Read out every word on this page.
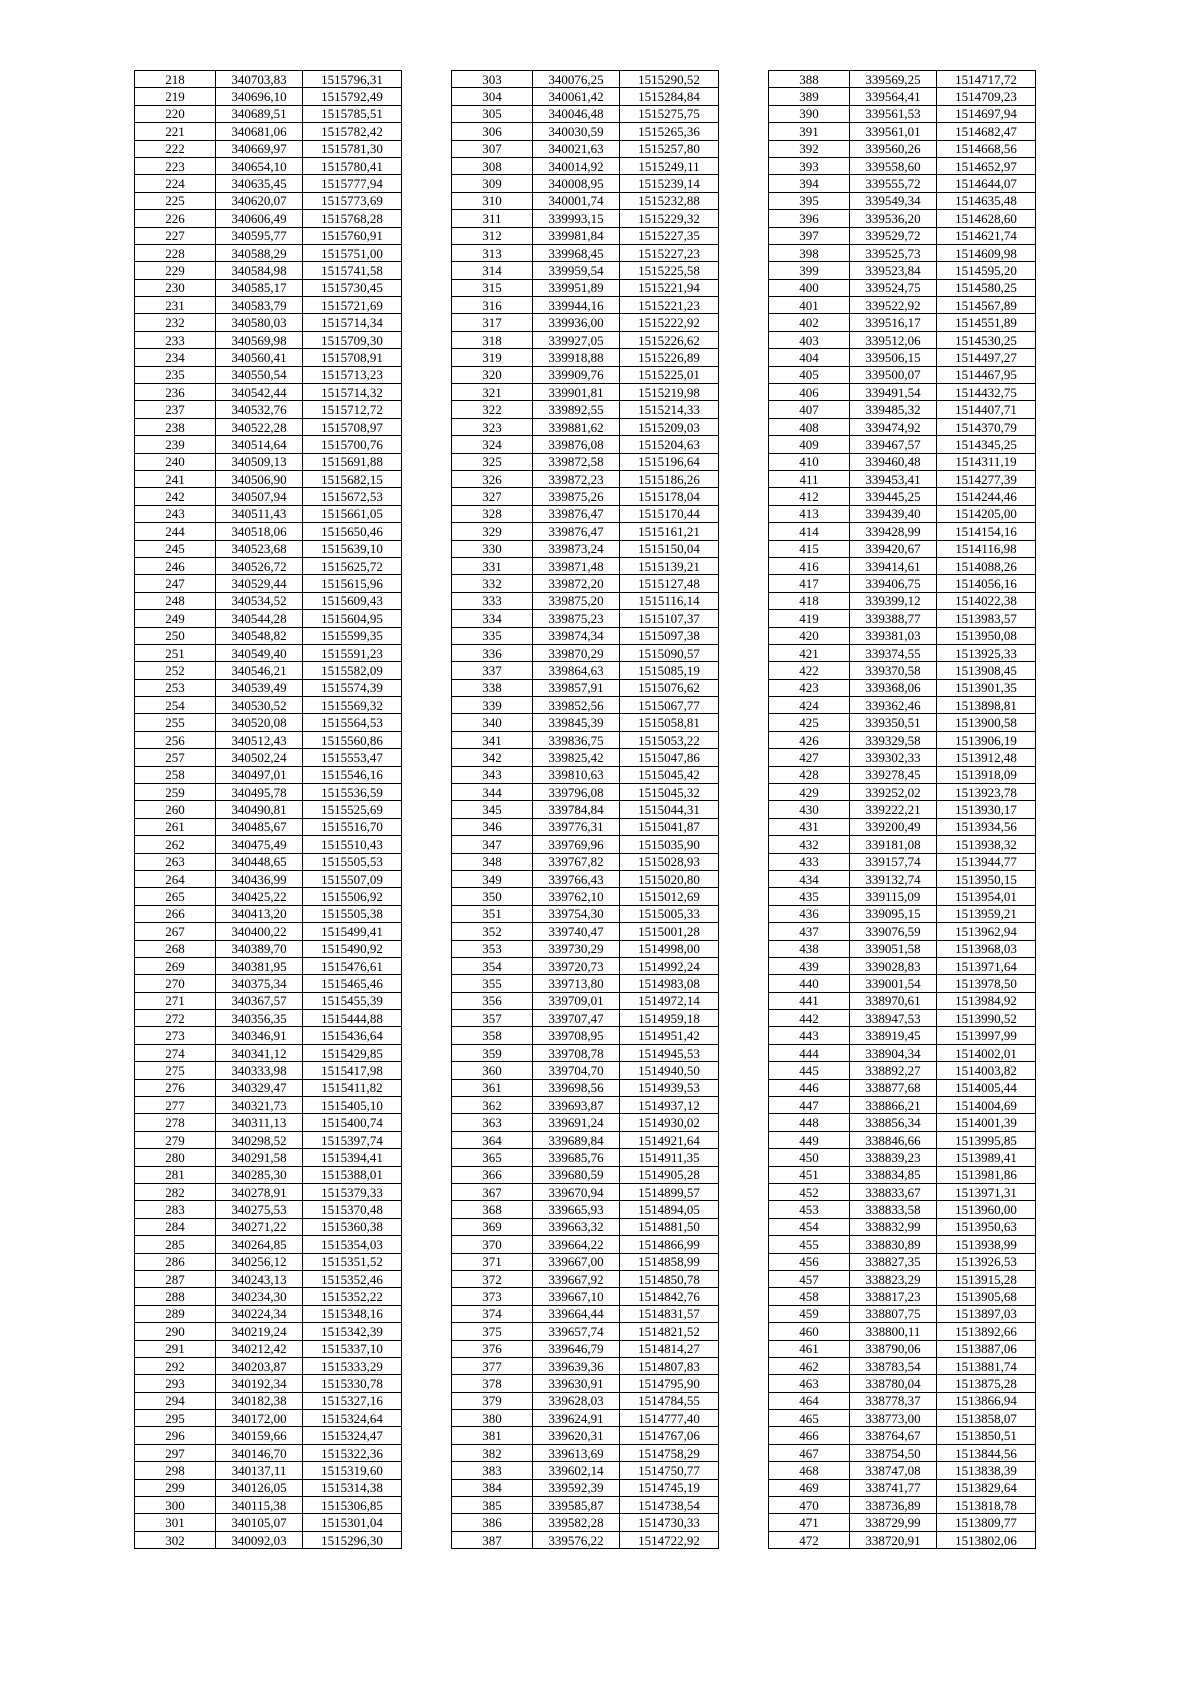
218	340703,83	1515796,31
219	340696,10	1515792,49
220	340689,51	1515785,51
221	340681,06	1515782,42
222	340669,97	1515781,30
223	340654,10	1515780,41
224	340635,45	1515777,94
225	340620,07	1515773,69
226	340606,49	1515768,28
227	340595,77	1515760,91
228	340588,29	1515751,00
229	340584,98	1515741,58
230	340585,17	1515730,45
231	340583,79	1515721,69
232	340580,03	1515714,34
233	340569,98	1515709,30
234	340560,41	1515708,91
235	340550,54	1515713,23
236	340542,44	1515714,32
237	340532,76	1515712,72
238	340522,28	1515708,97
239	340514,64	1515700,76
240	340509,13	1515691,88
241	340506,90	1515682,15
242	340507,94	1515672,53
243	340511,43	1515661,05
244	340518,06	1515650,46
245	340523,68	1515639,10
246	340526,72	1515625,72
247	340529,44	1515615,96
248	340534,52	1515609,43
249	340544,28	1515604,95
250	340548,82	1515599,35
251	340549,40	1515591,23
252	340546,21	1515582,09
253	340539,49	1515574,39
254	340530,52	1515569,32
255	340520,08	1515564,53
256	340512,43	1515560,86
257	340502,24	1515553,47
258	340497,01	1515546,16
259	340495,78	1515536,59
260	340490,81	1515525,69
261	340485,67	1515516,70
262	340475,49	1515510,43
263	340448,65	1515505,53
264	340436,99	1515507,09
265	340425,22	1515506,92
266	340413,20	1515505,38
267	340400,22	1515499,41
268	340389,70	1515490,92
269	340381,95	1515476,61
270	340375,34	1515465,46
271	340367,57	1515455,39
272	340356,35	1515444,88
273	340346,91	1515436,64
274	340341,12	1515429,85
275	340333,98	1515417,98
276	340329,47	1515411,82
277	340321,73	1515405,10
278	340311,13	1515400,74
279	340298,52	1515397,74
280	340291,58	1515394,41
281	340285,30	1515388,01
282	340278,91	1515379,33
283	340275,53	1515370,48
284	340271,22	1515360,38
285	340264,85	1515354,03
286	340256,12	1515351,52
287	340243,13	1515352,46
288	340234,30	1515352,22
289	340224,34	1515348,16
290	340219,24	1515342,39
291	340212,42	1515337,10
292	340203,87	1515333,29
293	340192,34	1515330,78
294	340182,38	1515327,16
295	340172,00	1515324,64
296	340159,66	1515324,47
297	340146,70	1515322,36
298	340137,11	1515319,60
299	340126,05	1515314,38
300	340115,38	1515306,85
301	340105,07	1515301,04
302	340092,03	1515296,30
303	340076,25	1515290,52
304	340061,42	1515284,84
305	340046,48	1515275,75
306	340030,59	1515265,36
307	340021,63	1515257,80
308	340014,92	1515249,11
309	340008,95	1515239,14
310	340001,74	1515232,88
311	339993,15	1515229,32
312	339981,84	1515227,35
313	339968,45	1515227,23
314	339959,54	1515225,58
315	339951,89	1515221,94
316	339944,16	1515221,23
317	339936,00	1515222,92
318	339927,05	1515226,62
319	339918,88	1515226,89
320	339909,76	1515225,01
321	339901,81	1515219,98
322	339892,55	1515214,33
323	339881,62	1515209,03
324	339876,08	1515204,63
325	339872,58	1515196,64
326	339872,23	1515186,26
327	339875,26	1515178,04
328	339876,47	1515170,44
329	339876,47	1515161,21
330	339873,24	1515150,04
331	339871,48	1515139,21
332	339872,20	1515127,48
333	339875,20	1515116,14
334	339875,23	1515107,37
335	339874,34	1515097,38
336	339870,29	1515090,57
337	339864,63	1515085,19
338	339857,91	1515076,62
339	339852,56	1515067,77
340	339845,39	1515058,81
341	339836,75	1515053,22
342	339825,42	1515047,86
343	339810,63	1515045,42
344	339796,08	1515045,32
345	339784,84	1515044,31
346	339776,31	1515041,87
347	339769,96	1515035,90
348	339767,82	1515028,93
349	339766,43	1515020,80
350	339762,10	1515012,69
351	339754,30	1515005,33
352	339740,47	1515001,28
353	339730,29	1514998,00
354	339720,73	1514992,24
355	339713,80	1514983,08
356	339709,01	1514972,14
357	339707,47	1514959,18
358	339708,95	1514951,42
359	339708,78	1514945,53
360	339704,70	1514940,50
361	339698,56	1514939,53
362	339693,87	1514937,12
363	339691,24	1514930,02
364	339689,84	1514921,64
365	339685,76	1514911,35
366	339680,59	1514905,28
367	339670,94	1514899,57
368	339665,93	1514894,05
369	339663,32	1514881,50
370	339664,22	1514866,99
371	339667,00	1514858,99
372	339667,92	1514850,78
373	339667,10	1514842,76
374	339664,44	1514831,57
375	339657,74	1514821,52
376	339646,79	1514814,27
377	339639,36	1514807,83
378	339630,91	1514795,90
379	339628,03	1514784,55
380	339624,91	1514777,40
381	339620,31	1514767,06
382	339613,69	1514758,29
383	339602,14	1514750,77
384	339592,39	1514745,19
385	339585,87	1514738,54
386	339582,28	1514730,33
387	339576,22	1514722,92
388	339569,25	1514717,72
389	339564,41	1514709,23
390	339561,53	1514697,94
391	339561,01	1514682,47
392	339560,26	1514668,56
393	339558,60	1514652,97
394	339555,72	1514644,07
395	339549,34	1514635,48
396	339536,20	1514628,60
397	339529,72	1514621,74
398	339525,73	1514609,98
399	339523,84	1514595,20
400	339524,75	1514580,25
401	339522,92	1514567,89
402	339516,17	1514551,89
403	339512,06	1514530,25
404	339506,15	1514497,27
405	339500,07	1514467,95
406	339491,54	1514432,75
407	339485,32	1514407,71
408	339474,92	1514370,79
409	339467,57	1514345,25
410	339460,48	1514311,19
411	339453,41	1514277,39
412	339445,25	1514244,46
413	339439,40	1514205,00
414	339428,99	1514154,16
415	339420,67	1514116,98
416	339414,61	1514088,26
417	339406,75	1514056,16
418	339399,12	1514022,38
419	339388,77	1513983,57
420	339381,03	1513950,08
421	339374,55	1513925,33
422	339370,58	1513908,45
423	339368,06	1513901,35
424	339362,46	1513898,81
425	339350,51	1513900,58
426	339329,58	1513906,19
427	339302,33	1513912,48
428	339278,45	1513918,09
429	339252,02	1513923,78
430	339222,21	1513930,17
431	339200,49	1513934,56
432	339181,08	1513938,32
433	339157,74	1513944,77
434	339132,74	1513950,15
435	339115,09	1513954,01
436	339095,15	1513959,21
437	339076,59	1513962,94
438	339051,58	1513968,03
439	339028,83	1513971,64
440	339001,54	1513978,50
441	338970,61	1513984,92
442	338947,53	1513990,52
443	338919,45	1513997,99
444	338904,34	1514002,01
445	338892,27	1514003,82
446	338877,68	1514005,44
447	338866,21	1514004,69
448	338856,34	1514001,39
449	338846,66	1513995,85
450	338839,23	1513989,41
451	338834,85	1513981,86
452	338833,67	1513971,31
453	338833,58	1513960,00
454	338832,99	1513950,63
455	338830,89	1513938,99
456	338827,35	1513926,53
457	338823,29	1513915,28
458	338817,23	1513905,68
459	338807,75	1513897,03
460	338800,11	1513892,66
461	338790,06	1513887,06
462	338783,54	1513881,74
463	338780,04	1513875,28
464	338778,37	1513866,94
465	338773,00	1513858,07
466	338764,67	1513850,51
467	338754,50	1513844,56
468	338747,08	1513838,39
469	338741,77	1513829,64
470	338736,89	1513818,78
471	338729,99	1513809,77
472	338720,91	1513802,06
